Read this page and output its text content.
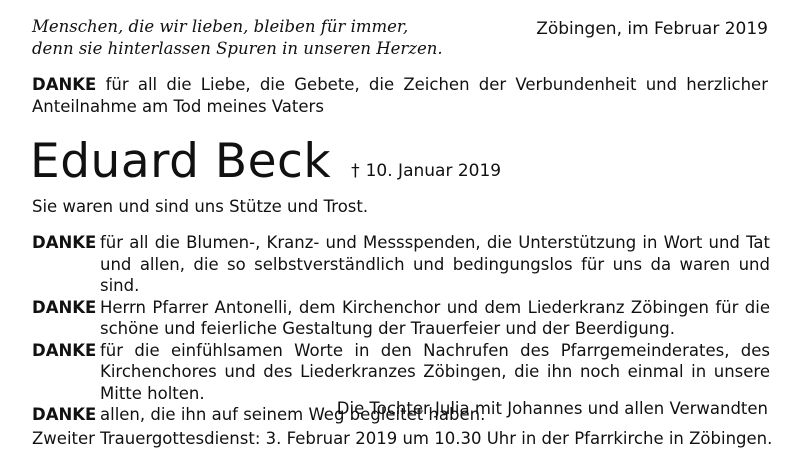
Menschen, die wir lieben, bleiben für immer,
denn sie hinterlassen Spuren in unseren Herzen.
Zöbingen, im Februar 2019
DANKE für all die Liebe, die Gebete, die Zeichen der Verbundenheit und herzlicher Anteilnahme am Tod meines Vaters
Eduard Beck † 10. Januar 2019
Sie waren und sind uns Stütze und Trost.
DANKE für all die Blumen-, Kranz- und Messspenden, die Unterstützung in Wort und Tat und allen, die so selbstverständlich und bedingungslos für uns da waren und sind.
DANKE Herrn Pfarrer Antonelli, dem Kirchenchor und dem Liederkranz Zöbingen für die schöne und feierliche Gestaltung der Trauerfeier und der Beerdigung.
DANKE für die einfühlsamen Worte in den Nachrufen des Pfarrgemeinderates, des Kirchenchores und des Liederkranzes Zöbingen, die ihn noch einmal in unsere Mitte holten.
DANKE allen, die ihn auf seinem Weg begleitet haben.
Die Tochter Julia mit Johannes und allen Verwandten
Zweiter Trauergottesdienst: 3. Februar 2019 um 10.30 Uhr in der Pfarrkirche in Zöbingen.
